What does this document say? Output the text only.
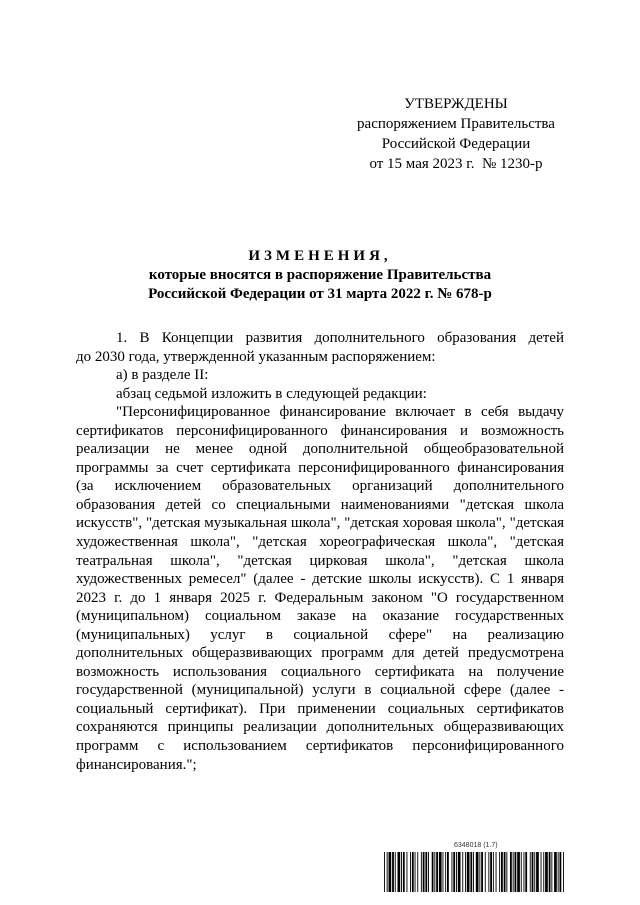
УТВЕРЖДЕНЫ
распоряжением Правительства
Российской Федерации
от 15 мая 2023 г.  № 1230-р
ИЗМЕНЕНИЯ,
которые вносятся в распоряжение Правительства
Российской Федерации от 31 марта 2022 г. № 678-р

1. В Концепции развития дополнительного образования детей

до 2030 года, утвержденной указанным распоряжением:

а) в разделе II:

абзац седьмой изложить в следующей редакции:

"Персонифицированное финансирование включает в себя выдачу сертификатов персонифицированного финансирования и возможность реализации не менее одной дополнительной общеобразовательной программы за счет сертификата персонифицированного финансирования (за исключением образовательных организаций дополнительного образования детей со специальными наименованиями "детская школа искусств", "детская музыкальная школа", "детская хоровая школа", "детская художественная школа", "детская хореографическая школа", "детская театральная школа", "детская цирковая школа", "детская школа художественных ремесел" (далее - детские школы искусств). С 1 января 2023 г. до 1 января 2025 г. Федеральным законом "О государственном (муниципальном) социальном заказе на оказание государственных (муниципальных) услуг в социальной сфере" на реализацию дополнительных общеразвивающих программ для детей предусмотрена возможность использования социального сертификата на получение государственной (муниципальной) услуги в социальной сфере (далее - социальный сертификат). При применении социальных сертификатов сохраняются принципы реализации дополнительных общеразвивающих программ с использованием сертификатов персонифицированного финансирования.";

6348018 (1.7)
